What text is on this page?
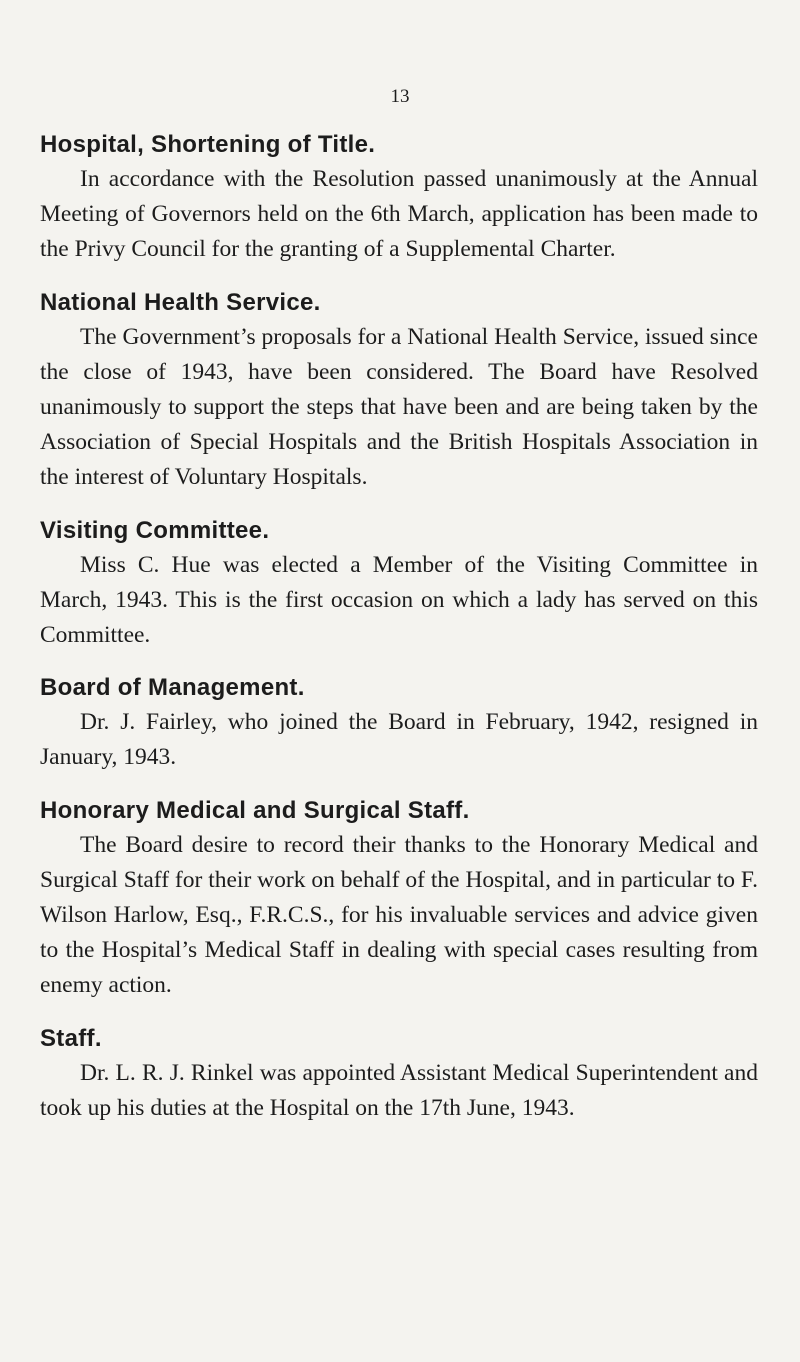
13
Hospital, Shortening of Title.

In accordance with the Resolution passed unanimously at the Annual Meeting of Governors held on the 6th March, application has been made to the Privy Council for the granting of a Supplemental Charter.

National Health Service.

The Government’s proposals for a National Health Service, issued since the close of 1943, have been considered. The Board have Resolved unanimously to support the steps that have been and are being taken by the Association of Special Hospitals and the British Hospitals Association in the interest of Voluntary Hospitals.

Visiting Committee.

Miss C. Hue was elected a Member of the Visiting Committee in March, 1943. This is the first occasion on which a lady has served on this Committee.

Board of Management.

Dr. J. Fairley, who joined the Board in February, 1942, resigned in January, 1943.

Honorary Medical and Surgical Staff.

The Board desire to record their thanks to the Honorary Medical and Surgical Staff for their work on behalf of the Hospital, and in particular to F. Wilson Harlow, Esq., F.R.C.S., for his invaluable services and advice given to the Hospital’s Medical Staff in dealing with special cases resulting from enemy action.

Staff.

Dr. L. R. J. Rinkel was appointed Assistant Medical Superintendent and took up his duties at the Hospital on the 17th June, 1943.
